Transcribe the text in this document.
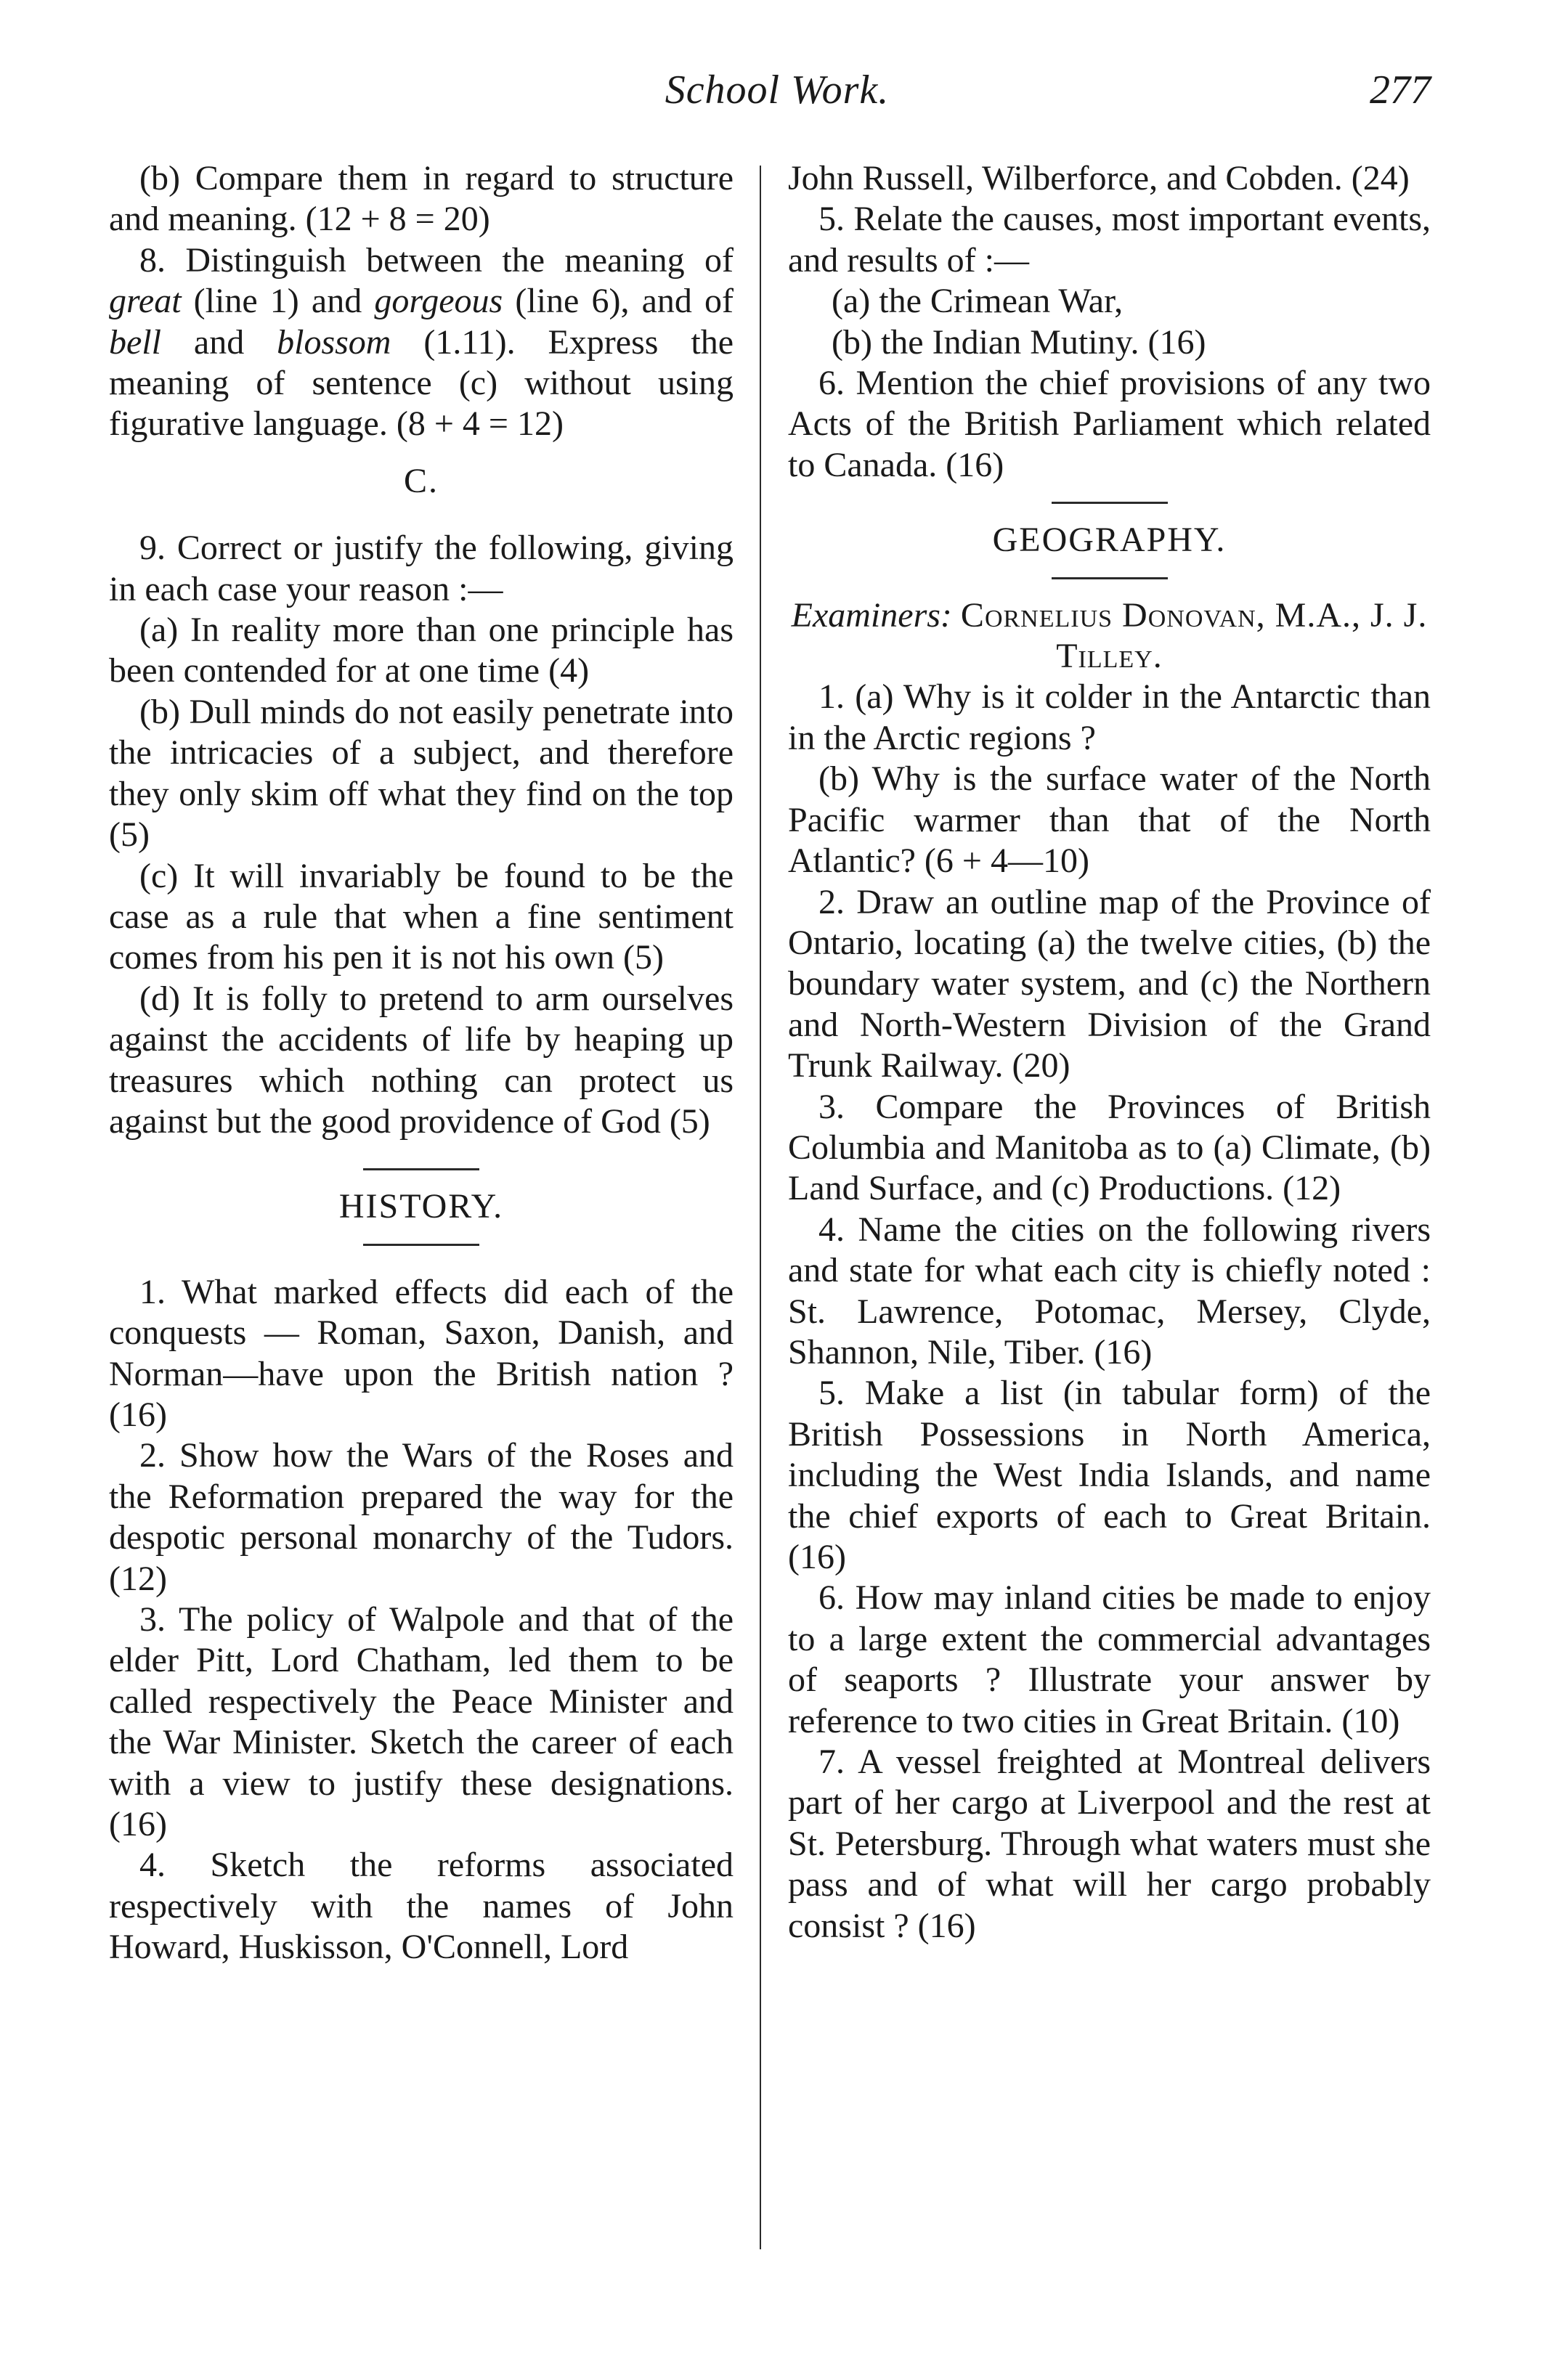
School Work.	277

(b) Compare them in regard to structure and meaning. (12 + 8 = 20)

8. Distinguish between the meaning of great (line 1) and gorgeous (line 6), and of bell and blossom (1.11). Express the meaning of sentence (c) without using figurative language. (8 + 4 = 12)

C.

9. Correct or justify the following, giving in each case your reason :—

(a) In reality more than one principle has been contended for at one time (4)

(b) Dull minds do not easily penetrate into the intricacies of a subject, and therefore they only skim off what they find on the top (5)

(c) It will invariably be found to be the case as a rule that when a fine sentiment comes from his pen it is not his own (5)

(d) It is folly to pretend to arm ourselves against the accidents of life by heaping up treasures which nothing can protect us against but the good providence of God (5)

HISTORY.

1. What marked effects did each of the conquests — Roman, Saxon, Danish, and Norman—have upon the British nation ? (16)

2. Show how the Wars of the Roses and the Reformation prepared the way for the despotic personal monarchy of the Tudors. (12)

3. The policy of Walpole and that of the elder Pitt, Lord Chatham, led them to be called respectively the Peace Minister and the War Minister. Sketch the career of each with a view to justify these designations. (16)

4. Sketch the reforms associated respectively with the names of John Howard, Huskisson, O'Connell, Lord

John Russell, Wilberforce, and Cobden. (24)

5. Relate the causes, most important events, and results of :—

(a) the Crimean War,

(b) the Indian Mutiny. (16)

6. Mention the chief provisions of any two Acts of the British Parliament which related to Canada. (16)

GEOGRAPHY.

Examiners: Cornelius Donovan, M.A., J. J. Tilley.

1. (a) Why is it colder in the Antarctic than in the Arctic regions ?

(b) Why is the surface water of the North Pacific warmer than that of the North Atlantic? (6 + 4—10)

2. Draw an outline map of the Province of Ontario, locating (a) the twelve cities, (b) the boundary water system, and (c) the Northern and North-Western Division of the Grand Trunk Railway. (20)

3. Compare the Provinces of British Columbia and Manitoba as to (a) Climate, (b) Land Surface, and (c) Productions. (12)

4. Name the cities on the following rivers and state for what each city is chiefly noted : St. Lawrence, Potomac, Mersey, Clyde, Shannon, Nile, Tiber. (16)

5. Make a list (in tabular form) of the British Possessions in North America, including the West India Islands, and name the chief exports of each to Great Britain. (16)

6. How may inland cities be made to enjoy to a large extent the commercial advantages of seaports ? Illustrate your answer by reference to two cities in Great Britain. (10)

7. A vessel freighted at Montreal delivers part of her cargo at Liverpool and the rest at St. Petersburg. Through what waters must she pass and of what will her cargo probably consist ? (16)
